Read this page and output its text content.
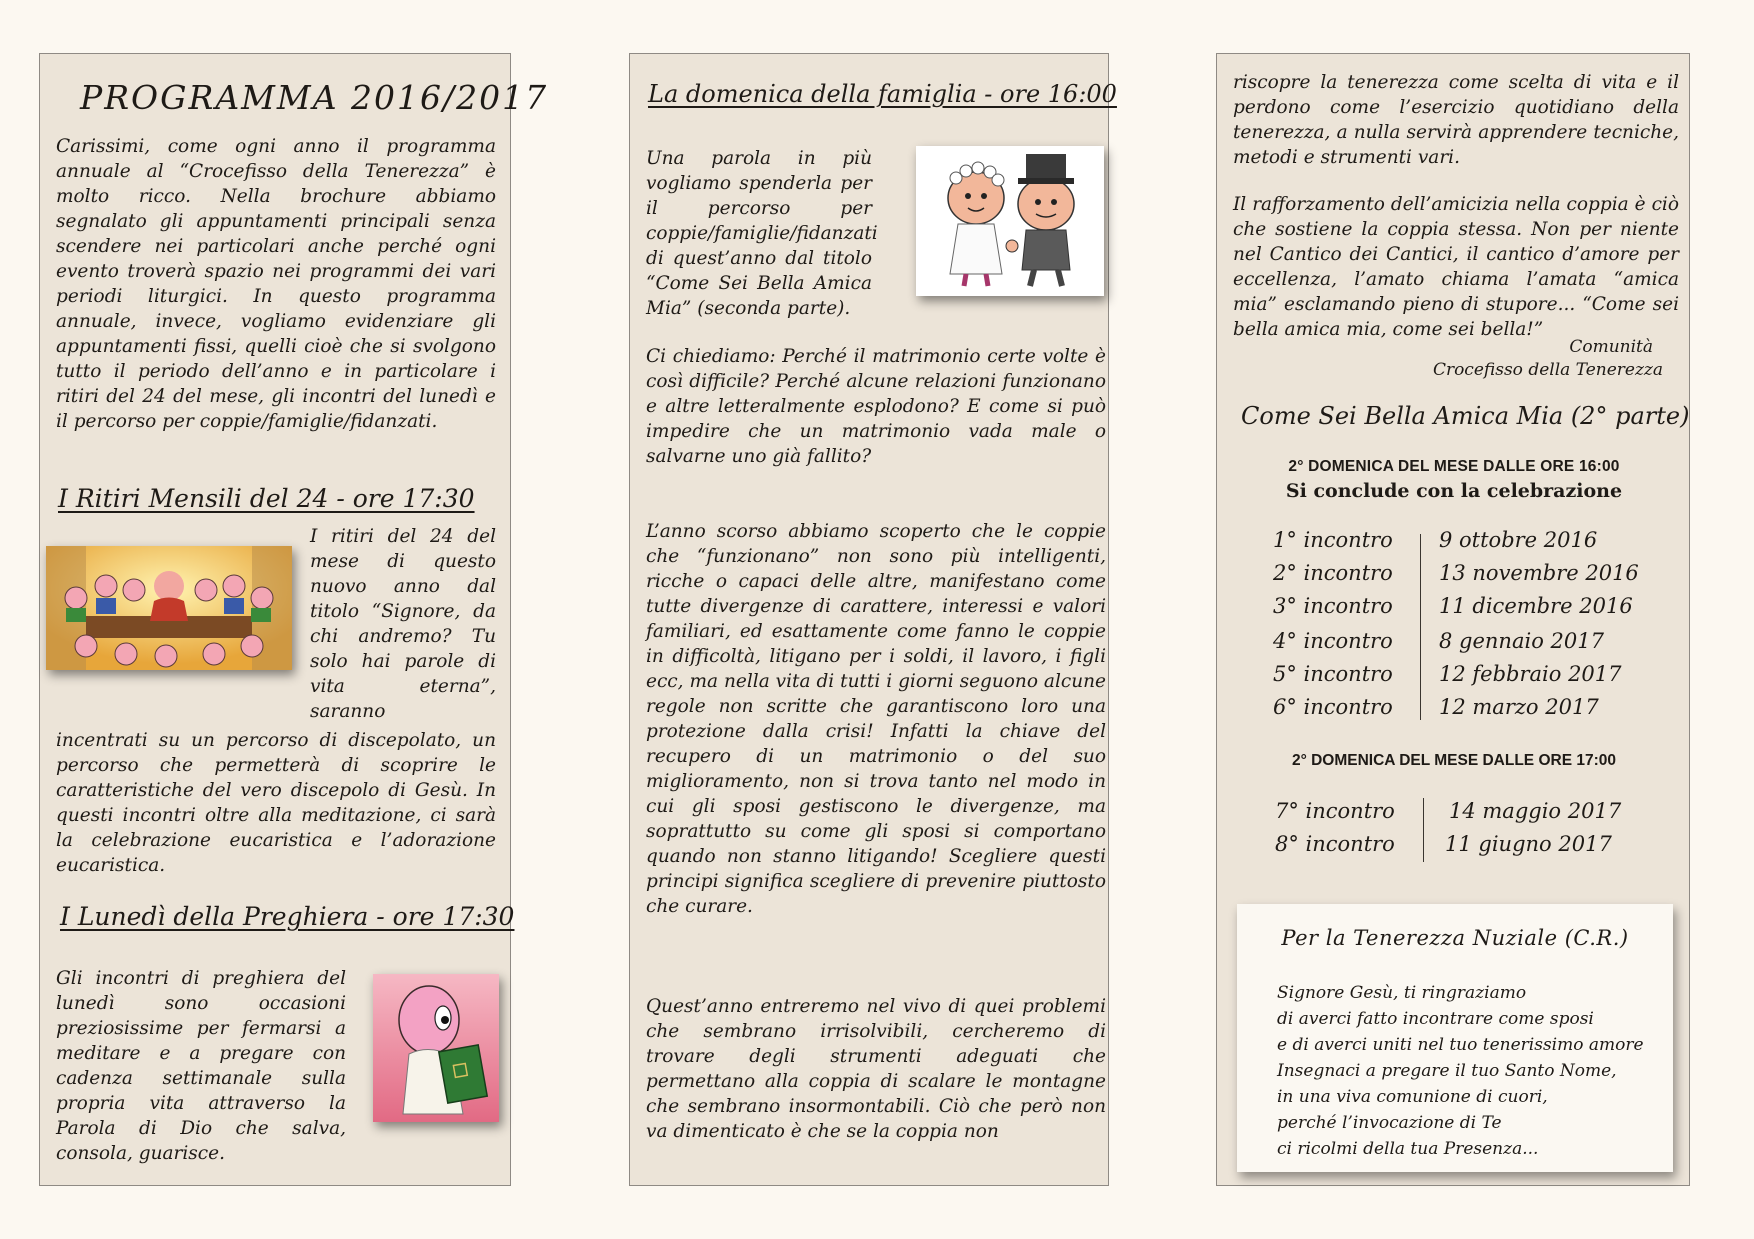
PROGRAMMA 2016/2017

Carissimi, come ogni anno il programma annuale al “Crocefisso della Tenerezza” è molto ricco. Nella brochure abbiamo segnalato gli appuntamenti principali senza scendere nei particolari anche perché ogni evento troverà spazio nei programmi dei vari periodi liturgici. In questo programma annuale, invece, vogliamo evidenziare gli appuntamenti fissi, quelli cioè che si svolgono tutto il periodo dell’anno e in particolare i ritiri del 24 del mese, gli incontri del lunedì e il percorso per coppie/famiglie/fidanzati.

I Ritiri Mensili del 24 - ore 17:30

I ritiri del 24 del mese di questo nuovo anno dal titolo “Signore, da chi andremo? Tu solo hai parole di vita eterna”, saranno

incentrati su un percorso di discepolato, un percorso che permetterà di scoprire le caratteristiche del vero discepolo di Gesù. In questi incontri oltre alla meditazione, ci sarà la celebrazione eucaristica e l’adorazione eucaristica.

I Lunedì della Preghiera - ore 17:30

Gli incontri di preghiera del lunedì sono occasioni preziosissime per fermarsi a meditare e a pregare con cadenza settimanale sulla propria vita attraverso la Parola di Dio che salva, consola, guarisce.

La domenica della famiglia - ore 16:00

Una parola in più vogliamo spenderla per il percorso per coppie/famiglie/fidanzati di quest’anno dal titolo “Come Sei Bella Amica Mia” (seconda parte).

Ci chiediamo: Perché il matrimonio certe volte è così difficile? Perché alcune relazioni funzionano e altre letteralmente esplodono? E come si può impedire che un matrimonio vada male o salvarne uno già fallito?

L’anno scorso abbiamo scoperto che le coppie che “funzionano” non sono più intelligenti, ricche o capaci delle altre, manifestano come tutte divergenze di carattere, interessi e valori familiari, ed esattamente come fanno le coppie in difficoltà, litigano per i soldi, il lavoro, i figli ecc, ma nella vita di tutti i giorni seguono alcune regole non scritte che garantiscono loro una protezione dalla crisi! Infatti la chiave del recupero di un matrimonio o del suo miglioramento, non si trova tanto nel modo in cui gli sposi gestiscono le divergenze, ma soprattutto su come gli sposi si comportano quando non stanno litigando! Scegliere questi principi significa scegliere di prevenire piuttosto che curare.

Quest’anno entreremo nel vivo di quei problemi che sembrano irrisolvibili, cercheremo di trovare degli strumenti adeguati che permettano alla coppia di scalare le montagne che sembrano insormontabili. Ciò che però non va dimenticato è che se la coppia non

riscopre la tenerezza come scelta di vita e il perdono come l’esercizio quotidiano della tenerezza, a nulla servirà apprendere tecniche, metodi e strumenti vari.

Il rafforzamento dell’amicizia nella coppia è ciò che sostiene la coppia stessa. Non per niente nel Cantico dei Cantici, il cantico d’amore per eccellenza, l’amato chiama l’amata “amica mia” esclamando pieno di stupore... “Come sei bella amica mia, come sei bella!”

Comunità
Crocefisso della Tenerezza
Come Sei Bella Amica Mia (2° parte)
2° DOMENICA DEL MESE DALLE ORE 16:00
Si conclude con la celebrazione
1° incontro 9 ottobre 2016
2° incontro 13 novembre 2016
3° incontro 11 dicembre 2016
4° incontro 8 gennaio 2017
5° incontro 12 febbraio 2017
6° incontro 12 marzo 2017
2° DOMENICA DEL MESE DALLE ORE 17:00
7° incontro	14 maggio 2017
8° incontro 11 giugno 2017
Per la Tenerezza Nuziale (C.R.)
Signore Gesù, ti ringraziamo
di averci fatto incontrare come sposi
e di averci uniti nel tuo tenerissimo amore
Insegnaci a pregare il tuo Santo Nome,
in una viva comunione di cuori,
perché l’invocazione di Te
ci ricolmi della tua Presenza...
